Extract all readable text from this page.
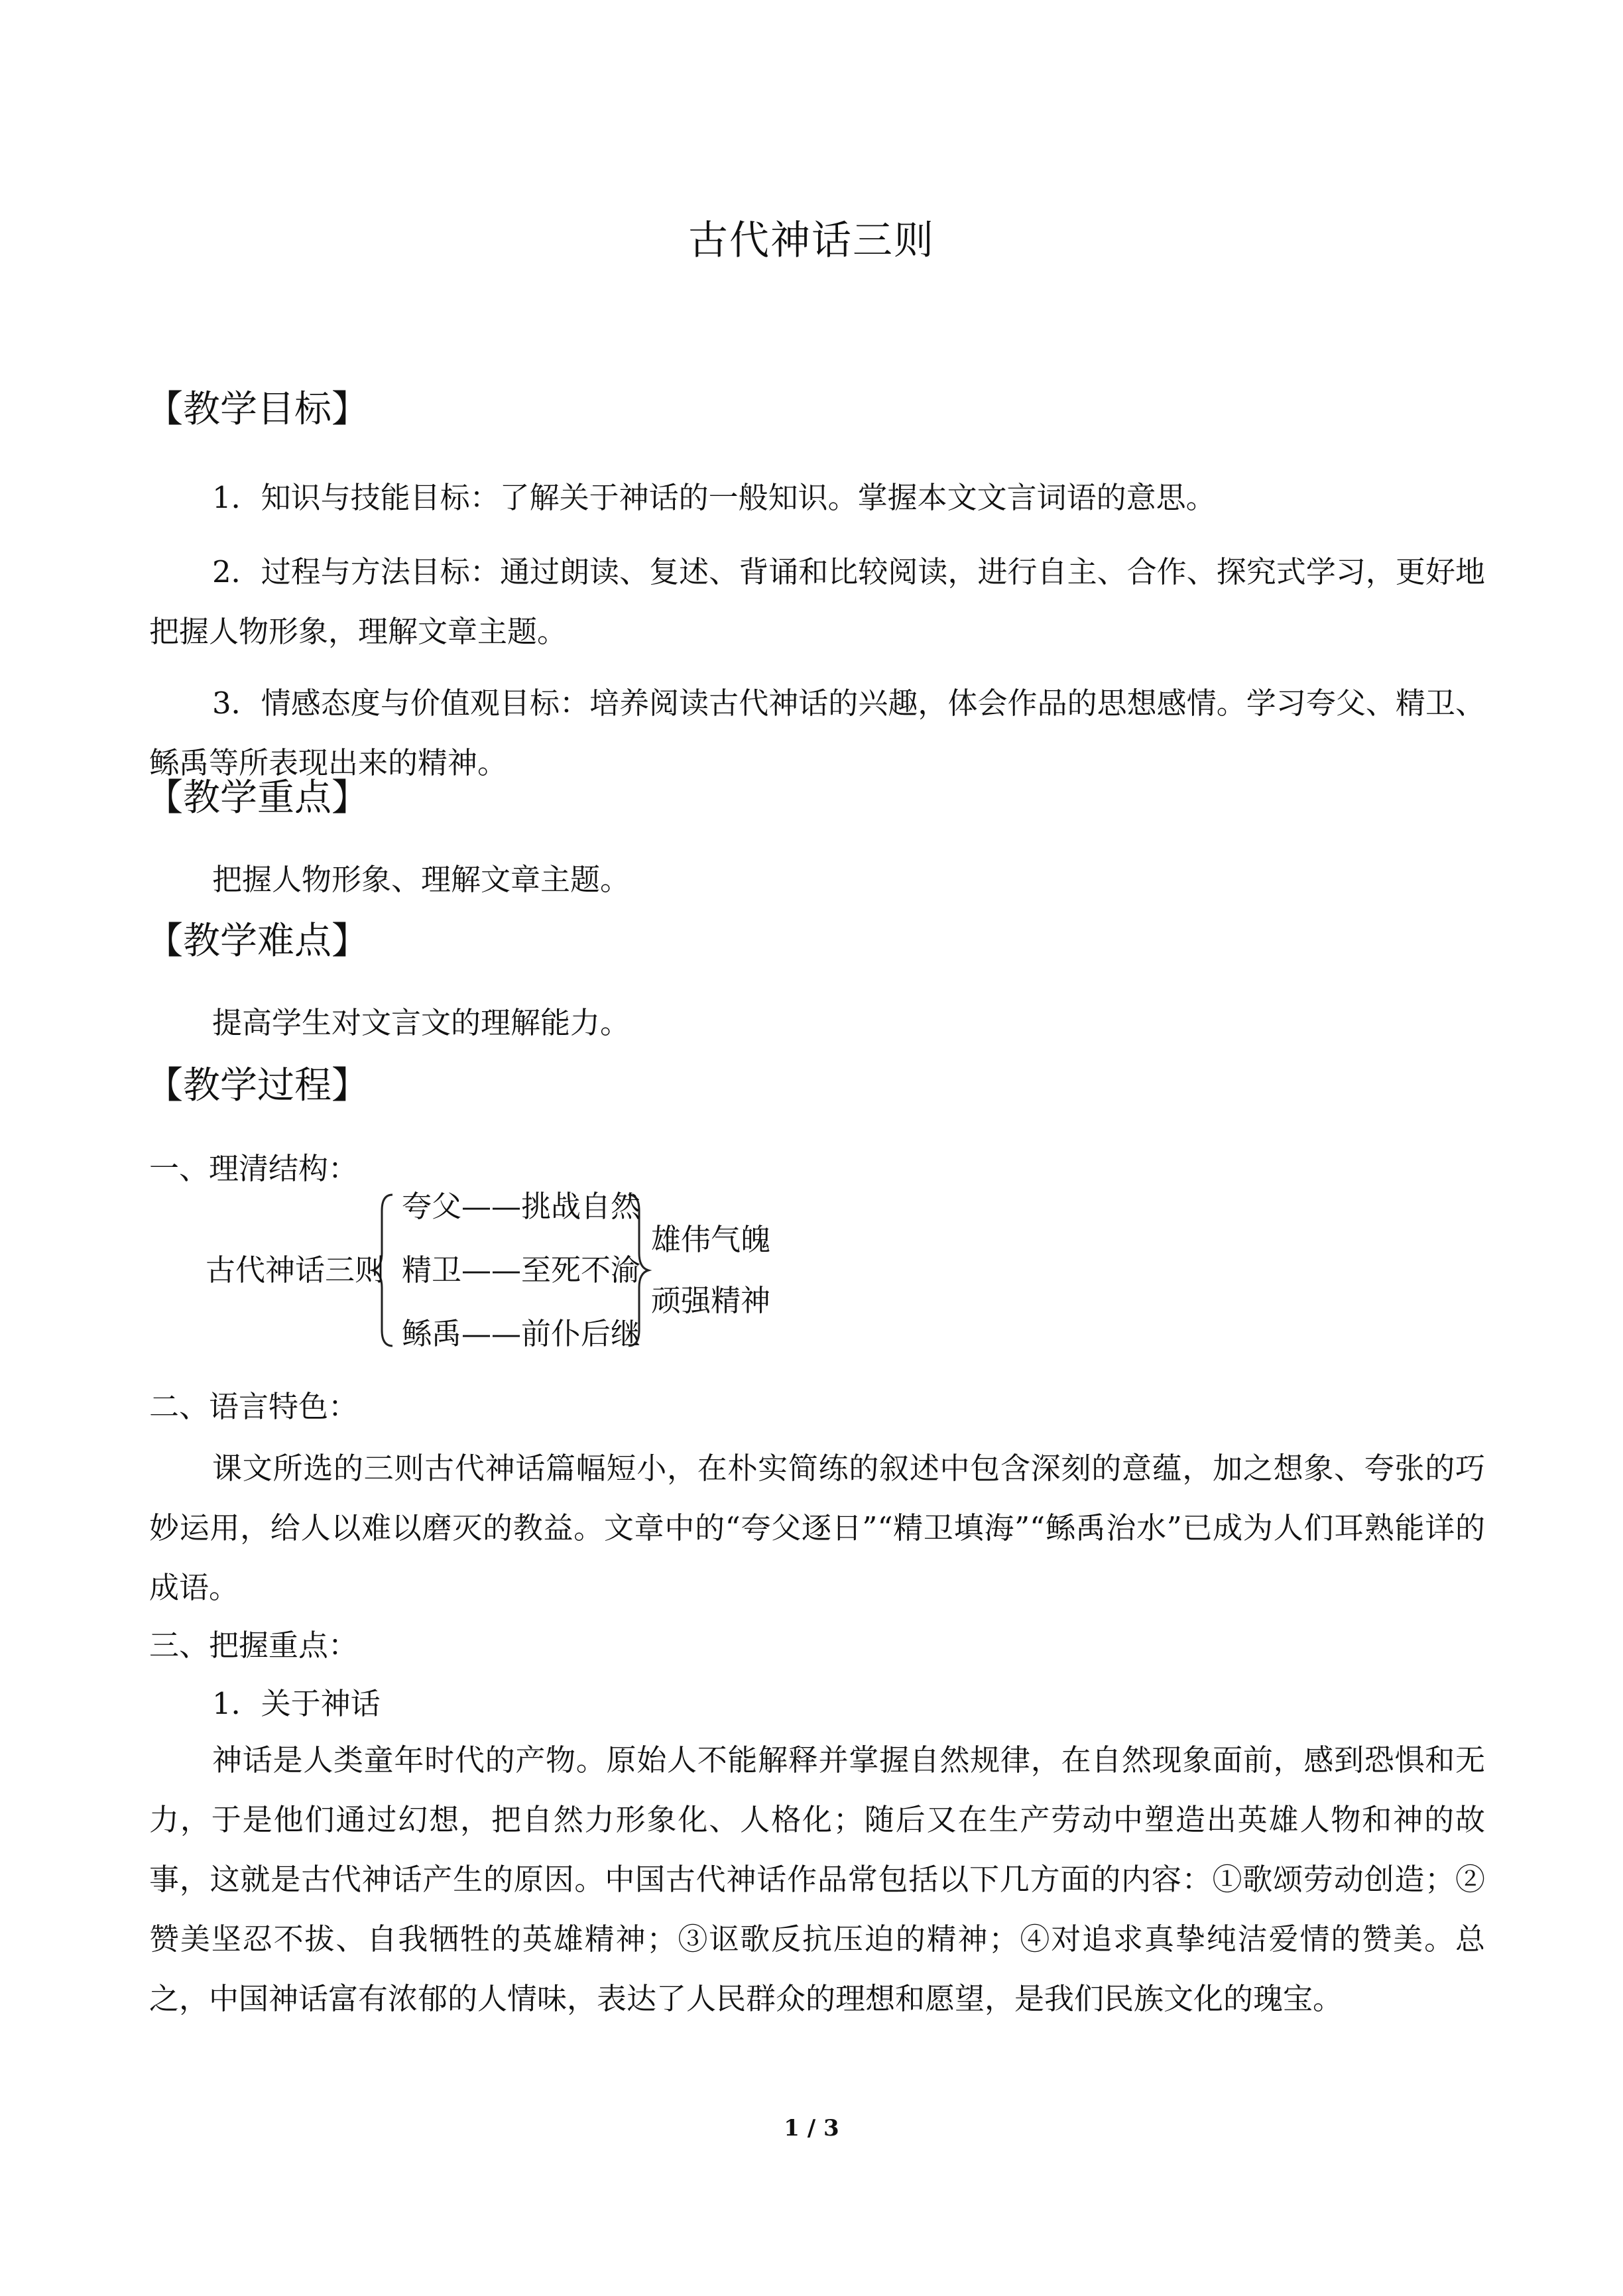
古代神话三则
【教学目标】

1．知识与技能目标：了解关于神话的一般知识。掌握本文文言词语的意思。

2．过程与方法目标：通过朗读、复述、背诵和比较阅读，进行自主、合作、探究式学习，更好地把握人物形象，理解文章主题。

3．情感态度与价值观目标：培养阅读古代神话的兴趣，体会作品的思想感情。学习夸父、精卫、鲧禹等所表现出来的精神。

【教学重点】
把握人物形象、理解文章主题。
【教学难点】
提高学生对文言文的理解能力。
【教学过程】
一、理清结构：
古代神话三则
夸父——挑战自然
精卫——至死不渝
鲧禹——前仆后继
雄伟气魄
顽强精神
二、语言特色：

课文所选的三则古代神话篇幅短小，在朴实简练的叙述中包含深刻的意蕴，加之想象、夸张的巧妙运用，给人以难以磨灭的教益。文章中的“夸父逐日”“精卫填海”“鲧禹治水”已成为人们耳熟能详的成语。

三、把握重点：
1．关于神话

神话是人类童年时代的产物。原始人不能解释并掌握自然规律，在自然现象面前，感到恐惧和无力，于是他们通过幻想，把自然力形象化、人格化；随后又在生产劳动中塑造出英雄人物和神的故事，这就是古代神话产生的原因。中国古代神话作品常包括以下几方面的内容：①歌颂劳动创造；②赞美坚忍不拔、自我牺牲的英雄精神；③讴歌反抗压迫的精神；④对追求真挚纯洁爱情的赞美。总之，中国神话富有浓郁的人情味，表达了人民群众的理想和愿望，是我们民族文化的瑰宝。

1 / 3
